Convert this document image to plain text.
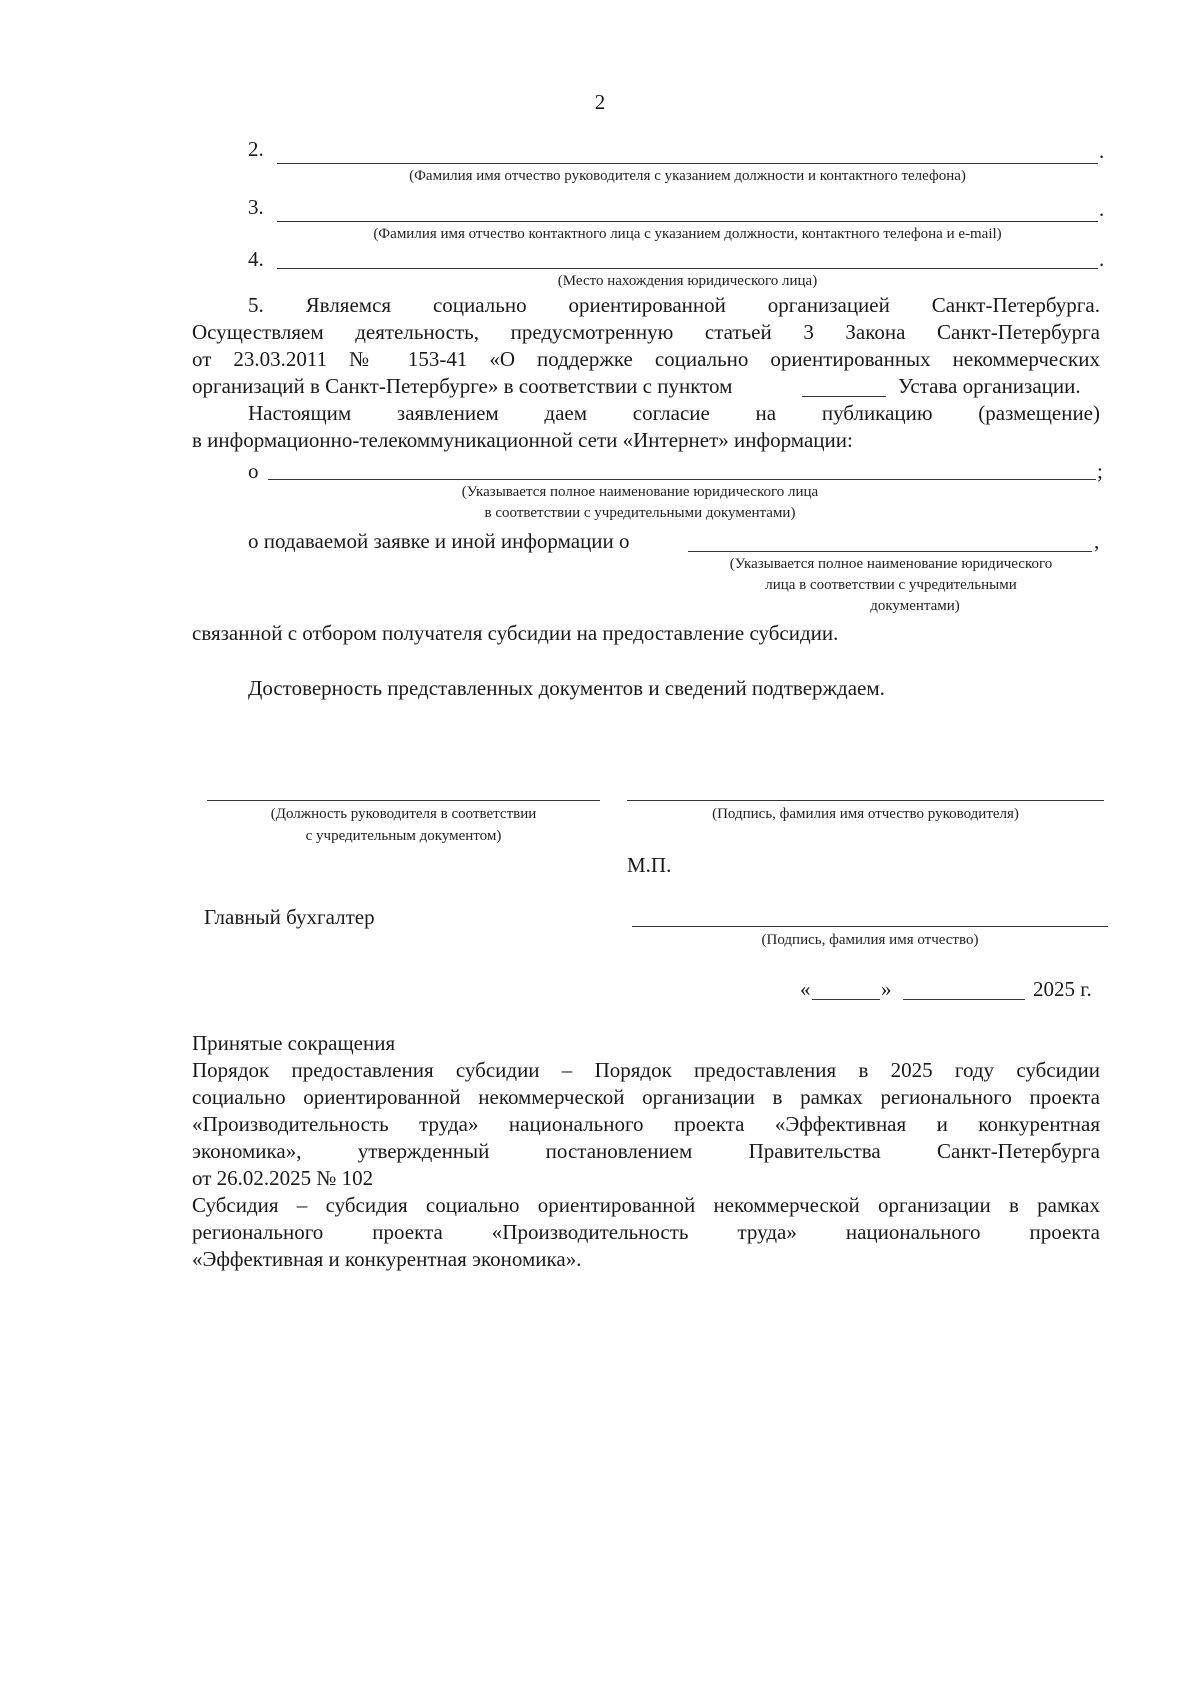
2
2.	.
(Фамилия имя отчество руководителя с указанием должности и контактного телефона)
3.	.
(Фамилия имя отчество контактного лица с указанием должности, контактного телефона и e-mail)
4.	.
(Место нахождения юридического лица)
5. Являемся социально ориентированной организацией Санкт-Петербурга.
Осуществляем деятельность, предусмотренную статьей 3 Закона Санкт-Петербурга
от 23.03.2011 № 153-41 «О поддержке социально ориентированных некоммерческих
организаций в Санкт-Петербурге» в соответствии с пунктом	Устава организации.
Настоящим заявлением даем согласие на публикацию (размещение)
в информационно-телекоммуникационной сети «Интернет» информации:
о	;
(Указывается полное наименование юридического лица
в соответствии с учредительными документами)
о подаваемой заявке и иной информации о	,
(Указывается полное наименование юридического
лица в соответствии с учредительными
документами)
связанной с отбором получателя субсидии на предоставление субсидии.
Достоверность представленных документов и сведений подтверждаем.
(Должность руководителя в соответствии
с учредительным документом)
(Подпись, фамилия имя отчество руководителя)
М.П.
Главный бухгалтер
(Подпись, фамилия имя отчество)
«	»	2025 г.
Принятые сокращения
Порядок предоставления субсидии – Порядок предоставления в 2025 году субсидии
социально ориентированной некоммерческой организации в рамках регионального проекта
«Производительность труда» национального проекта «Эффективная и конкурентная
экономика», утвержденный постановлением Правительства Санкт-Петербурга
от 26.02.2025 № 102
Субсидия – субсидия социально ориентированной некоммерческой организации в рамках
регионального проекта «Производительность труда» национального проекта
«Эффективная и конкурентная экономика».
